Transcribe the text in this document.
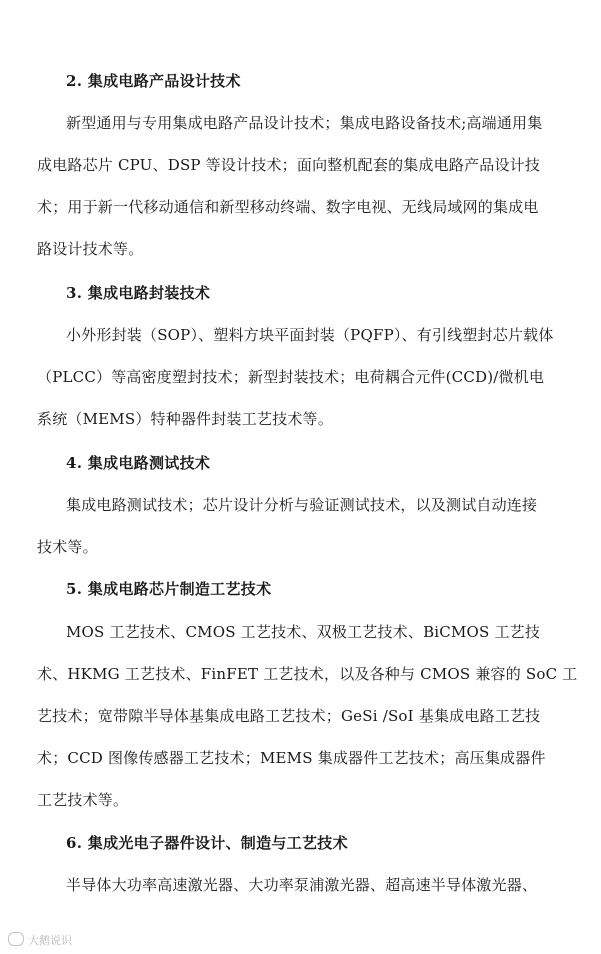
2. 集成电路产品设计技术
新型通用与专用集成电路产品设计技术；集成电路设备技术;高端通用集
成电路芯片 CPU、DSP 等设计技术；面向整机配套的集成电路产品设计技
术；用于新一代移动通信和新型移动终端、数字电视、无线局域网的集成电
路设计技术等。
3. 集成电路封装技术
小外形封装（SOP）、塑料方块平面封装（PQFP）、有引线塑封芯片载体
（PLCC）等高密度塑封技术；新型封装技术；电荷耦合元件(CCD)/微机电
系统（MEMS）特种器件封装工艺技术等。
4. 集成电路测试技术
集成电路测试技术；芯片设计分析与验证测试技术，以及测试自动连接
技术等。
5. 集成电路芯片制造工艺技术
MOS 工艺技术、CMOS 工艺技术、双极工艺技术、BiCMOS 工艺技
术、HKMG 工艺技术、FinFET 工艺技术，以及各种与 CMOS 兼容的 SoC 工
艺技术；宽带隙半导体基集成电路工艺技术；GeSi /SoI 基集成电路工艺技
术；CCD 图像传感器工艺技术；MEMS 集成器件工艺技术；高压集成器件
工艺技术等。
6. 集成光电子器件设计、制造与工艺技术
半导体大功率高速激光器、大功率泵浦激光器、超高速半导体激光器、
大鹅说识
